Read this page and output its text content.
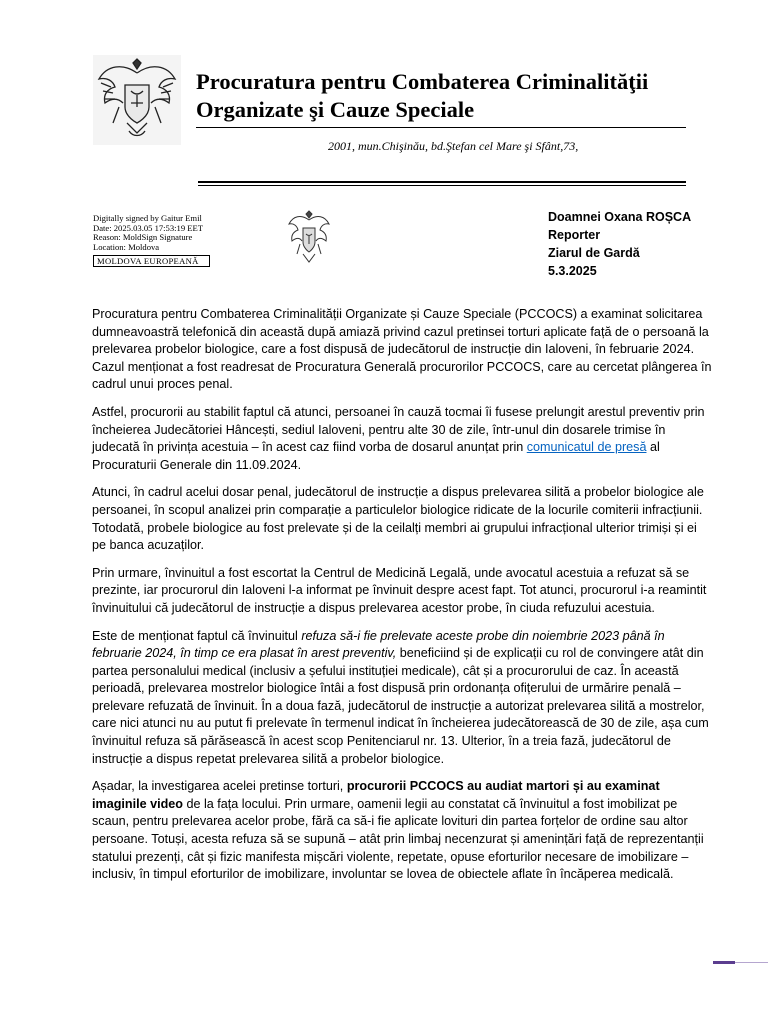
Procuratura pentru Combaterea Criminalităţii
Organizate şi Cauze Speciale
2001, mun.Chişinău, bd.Ştefan cel Mare şi Sfânt,73,
Digitally signed by Gaitur Emil
Date: 2025.03.05 17:53:19 EET
Reason: MoldSign Signature
Location: Moldova
MOLDOVA EUROPEANĂ
Doamnei Oxana ROȘCA
Reporter
Ziarul de Gardă
5.3.2025

Procuratura pentru Combaterea Criminalității Organizate și Cauze Speciale (PCCOCS) a examinat solicitarea dumneavoastră telefonică din această după amiază privind cazul pretinsei torturi aplicate față de o persoană la prelevarea probelor biologice, care a fost dispusă de judecătorul de instrucție din Ialoveni, în februarie 2024. Cazul menționat a fost readresat de Procuratura Generală procurorilor PCCOCS, care au cercetat plângerea în cadrul unui proces penal.

Astfel, procurorii au stabilit faptul că atunci, persoanei în cauză tocmai îi fusese prelungit arestul preventiv prin încheierea Judecătoriei Hâncești, sediul Ialoveni, pentru alte 30 de zile, într-unul din dosarele trimise în judecată în privința acestuia – în acest caz fiind vorba de dosarul anunțat prin comunicatul de presă al Procuraturii Generale din 11.09.2024.

Atunci, în cadrul acelui dosar penal, judecătorul de instrucție a dispus prelevarea silită a probelor biologice ale persoanei, în scopul analizei prin comparație a particulelor biologice ridicate de la locurile comiterii infracțiunii. Totodată, probele biologice au fost prelevate și de la ceilalți membri ai grupului infracțional ulterior trimiși și ei pe banca acuzaților.

Prin urmare, învinuitul a fost escortat la Centrul de Medicină Legală, unde avocatul acestuia a refuzat să se prezinte, iar procurorul din Ialoveni l-a informat pe învinuit despre acest fapt. Tot atunci, procurorul i-a reamintit învinuitului că judecătorul de instrucție a dispus prelevarea acestor probe, în ciuda refuzului acestuia.

Este de menționat faptul că învinuitul refuza să-i fie prelevate aceste probe din noiembrie 2023 până în februarie 2024, în timp ce era plasat în arest preventiv, beneficiind și de explicații cu rol de convingere atât din partea personalului medical (inclusiv a șefului instituției medicale), cât și a procurorului de caz. În această perioadă, prelevarea mostrelor biologice întâi a fost dispusă prin ordonanța ofițerului de urmărire penală – prelevare refuzată de învinuit. În a doua fază, judecătorul de instrucție a autorizat prelevarea silită a mostrelor, care nici atunci nu au putut fi prelevate în termenul indicat în încheierea judecătorească de 30 de zile, așa cum învinuitul refuza să părăsească în acest scop Penitenciarul nr. 13. Ulterior, în a treia fază, judecătorul de instrucție a dispus repetat prelevarea silită a probelor biologice.

Așadar, la investigarea acelei pretinse torturi, procurorii PCCOCS au audiat martori și au examinat imaginile video de la fața locului. Prin urmare, oamenii legii au constatat că învinuitul a fost imobilizat pe scaun, pentru prelevarea acelor probe, fără ca să-i fie aplicate lovituri din partea forțelor de ordine sau altor persoane. Totuși, acesta refuza să se supună – atât prin limbaj necenzurat și amenințări față de reprezentanții statului prezenți, cât și fizic manifesta mișcări violente, repetate, opuse eforturilor necesare de imobilizare – inclusiv, în timpul eforturilor de imobilizare, involuntar se lovea de obiectele aflate în încăperea medicală.
